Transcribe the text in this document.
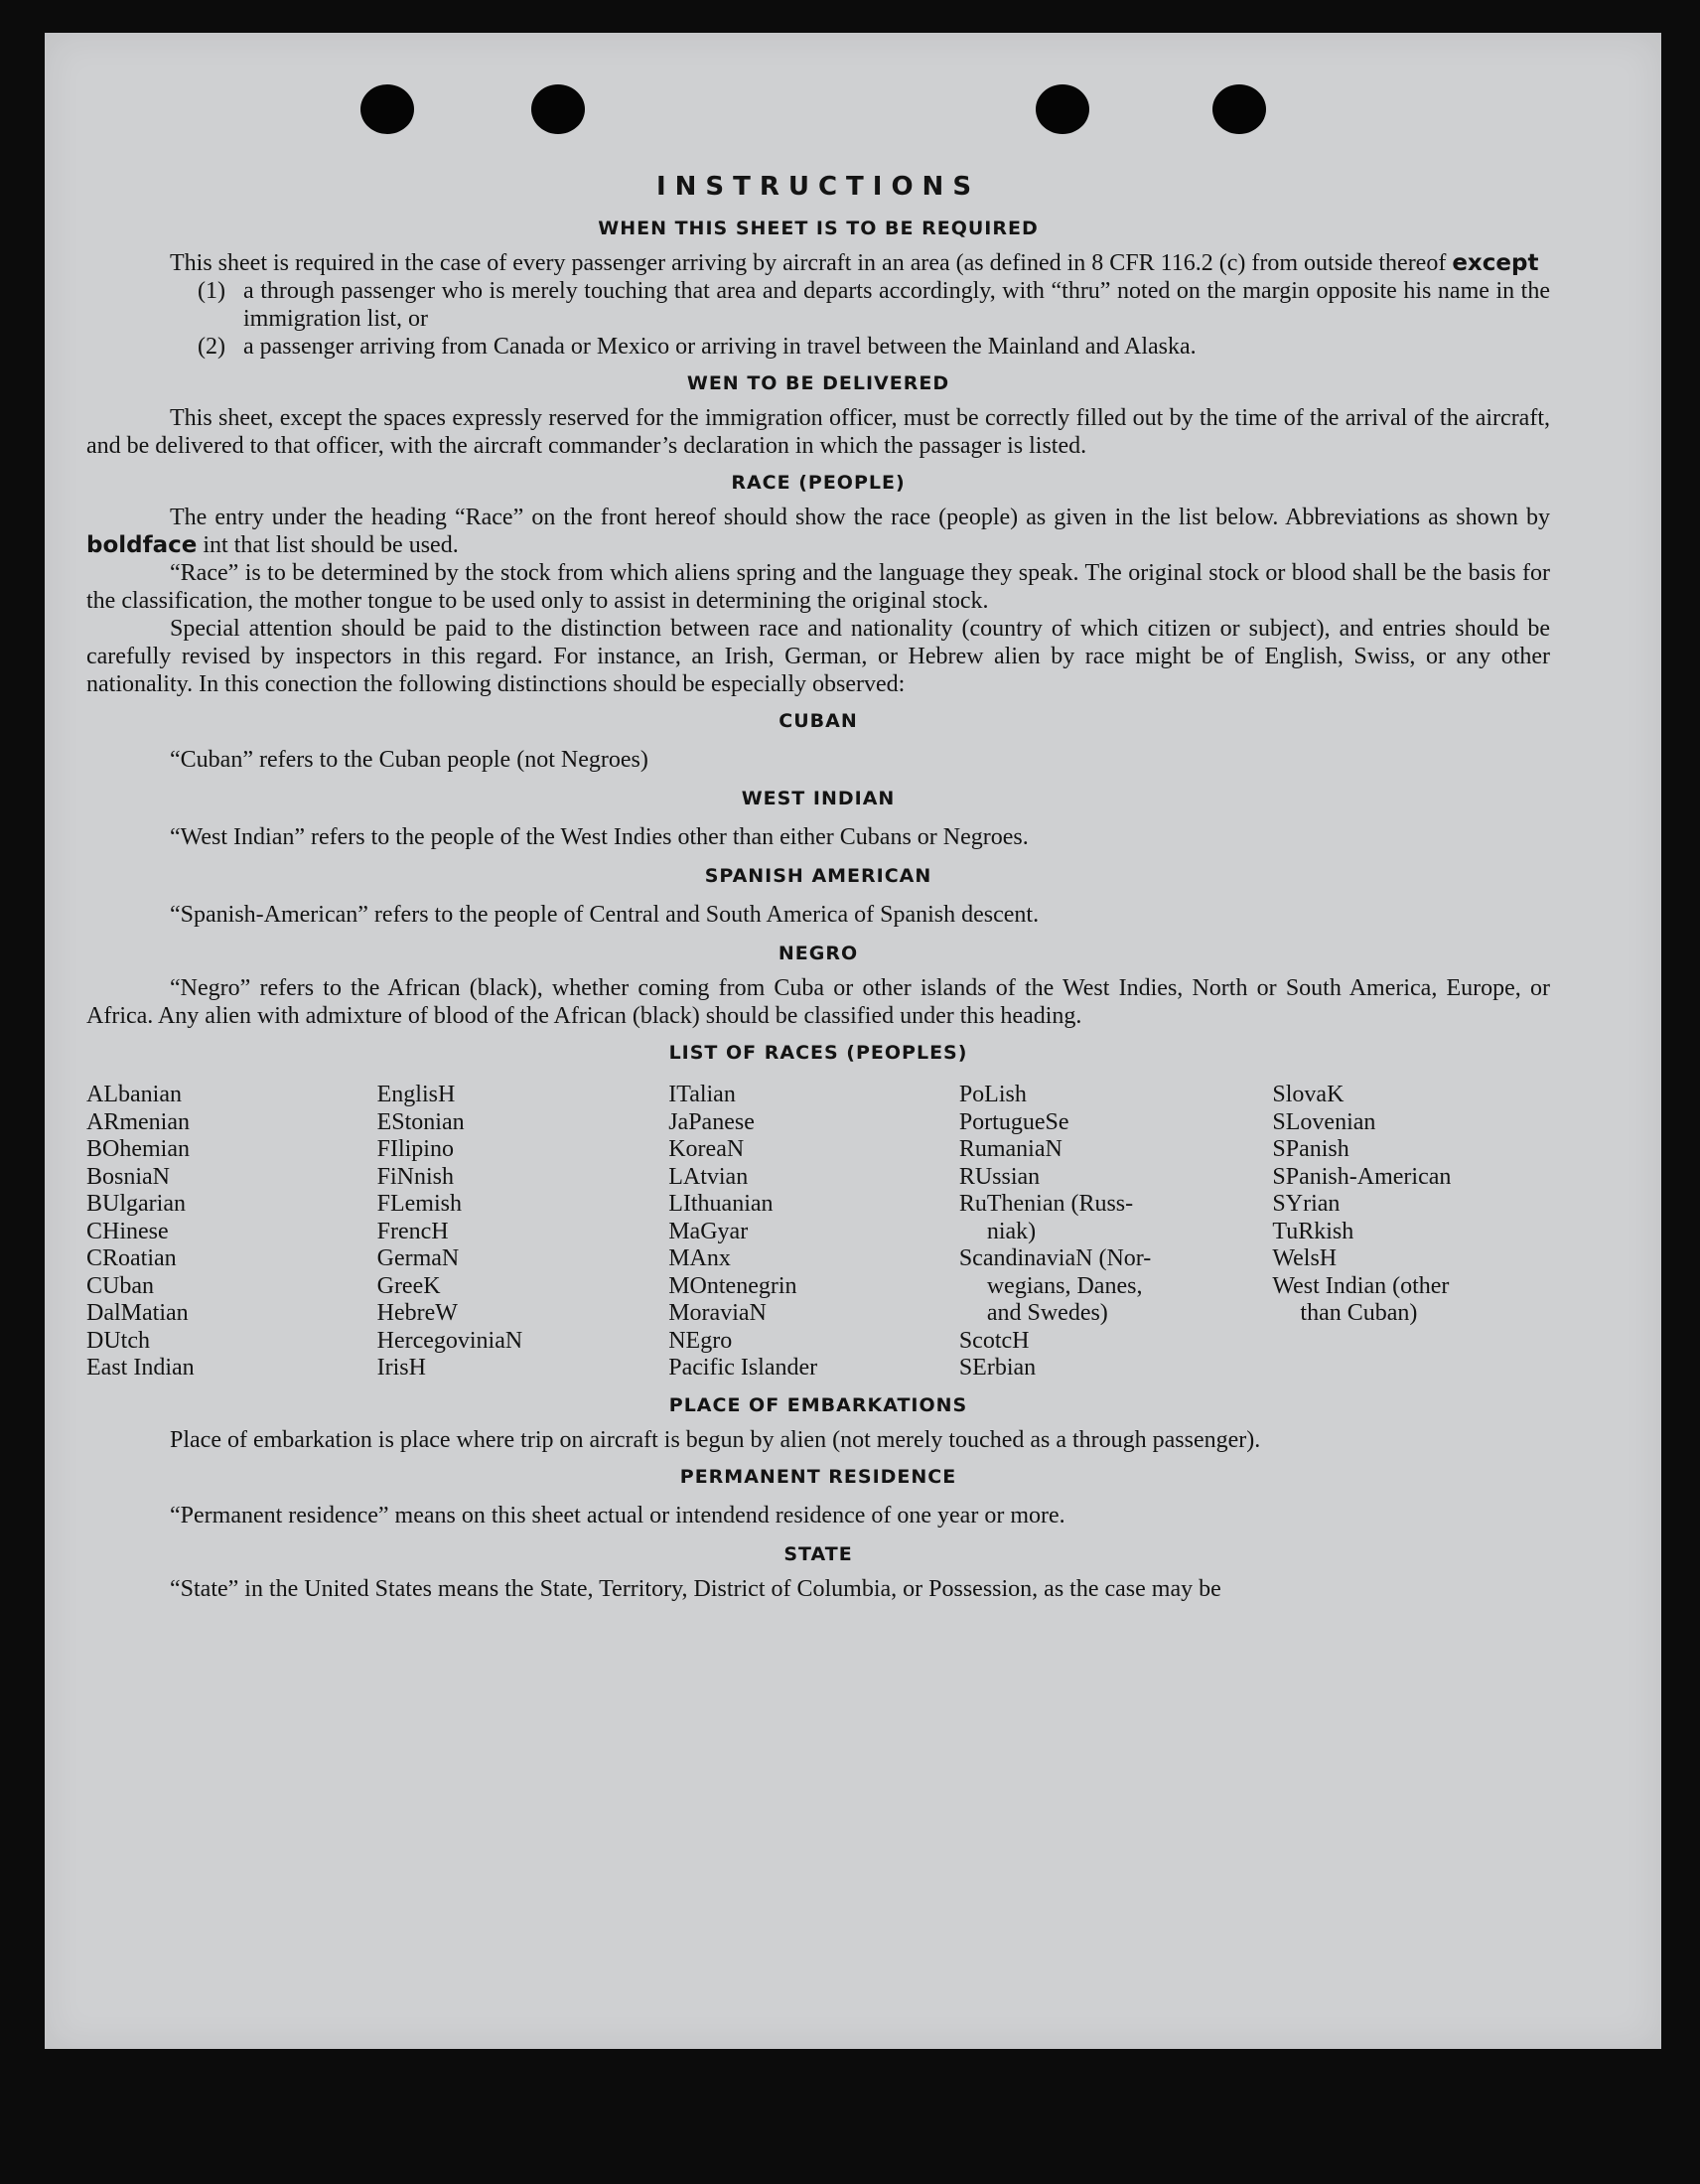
INSTRUCTIONS
WHEN THIS SHEET IS TO BE REQUIRED

This sheet is required in the case of every passenger arriving by aircraft in an area (as defined in 8 CFR 116.2 (c) from outside thereof except

(1) a through passenger who is merely touching that area and departs accordingly, with “thru” noted on the margin opposite his name in the immigration list, or
(2) a passenger arriving from Canada or Mexico or arriving in travel between the Mainland and Alaska.
WEN TO BE DELIVERED

This sheet, except the spaces expressly reserved for the immigration officer, must be correctly filled out by the time of the arrival of the aircraft, and be delivered to that officer, with the aircraft commander’s declaration in which the passager is listed.

RACE (PEOPLE)

The entry under the heading “Race” on the front hereof should show the race (people) as given in the list below. Abbreviations as shown by boldface int that list should be used.

“Race” is to be determined by the stock from which aliens spring and the language they speak. The original stock or blood shall be the basis for the classification, the mother tongue to be used only to assist in determining the original stock.

Special attention should be paid to the distinction between race and nationality (country of which citizen or subject), and entries should be carefully revised by inspectors in this regard. For instance, an Irish, German, or Hebrew alien by race might be of English, Swiss, or any other nationality. In this conection the following distinctions should be especially observed:

CUBAN
“Cuban” refers to the Cuban people (not Negroes)
WEST INDIAN
“West Indian” refers to the people of the West Indies other than either Cubans or Negroes.
SPANISH AMERICAN
“Spanish-American” refers to the people of Central and South America of Spanish descent.
NEGRO

“Negro” refers to the African (black), whether coming from Cuba or other islands of the West Indies, North or South America, Europe, or Africa. Any alien with admixture of blood of the African (black) should be classified under this heading.

LIST OF RACES (PEOPLES)
ALbanian
ARmenian
BOhemian
BosniaN
BUlgarian
CHinese
CRoatian
CUban
DalMatian
DUtch
East Indian
EnglisH
EStonian
FIlipino
FiNnish
FLemish
FrencH
GermaN
GreeK
HebreW
HercegoviniaN
IrisH
ITalian
JaPanese
KoreaN
LAtvian
LIthuanian
MaGyar
MAnx
MOntenegrin
MoraviaN
NEgro
Pacific Islander
PoLish
PortugueSe
RumaniaN
RUssian
RuThenian (Russ-
niak)
ScandinaviaN (Nor-
wegians, Danes,
and Swedes)
ScotcH
SErbian
SlovaK
SLovenian
SPanish
SPanish-American
SYrian
TuRkish
WelsH
West Indian (other
than Cuban)
PLACE OF EMBARKATIONS

Place of embarkation is place where trip on aircraft is begun by alien (not merely touched as a through passenger).

PERMANENT RESIDENCE
“Permanent residence” means on this sheet actual or intendend residence of one year or more.
STATE

“State” in the United States means the State, Territory, District of Columbia, or Possession, as the case may be
